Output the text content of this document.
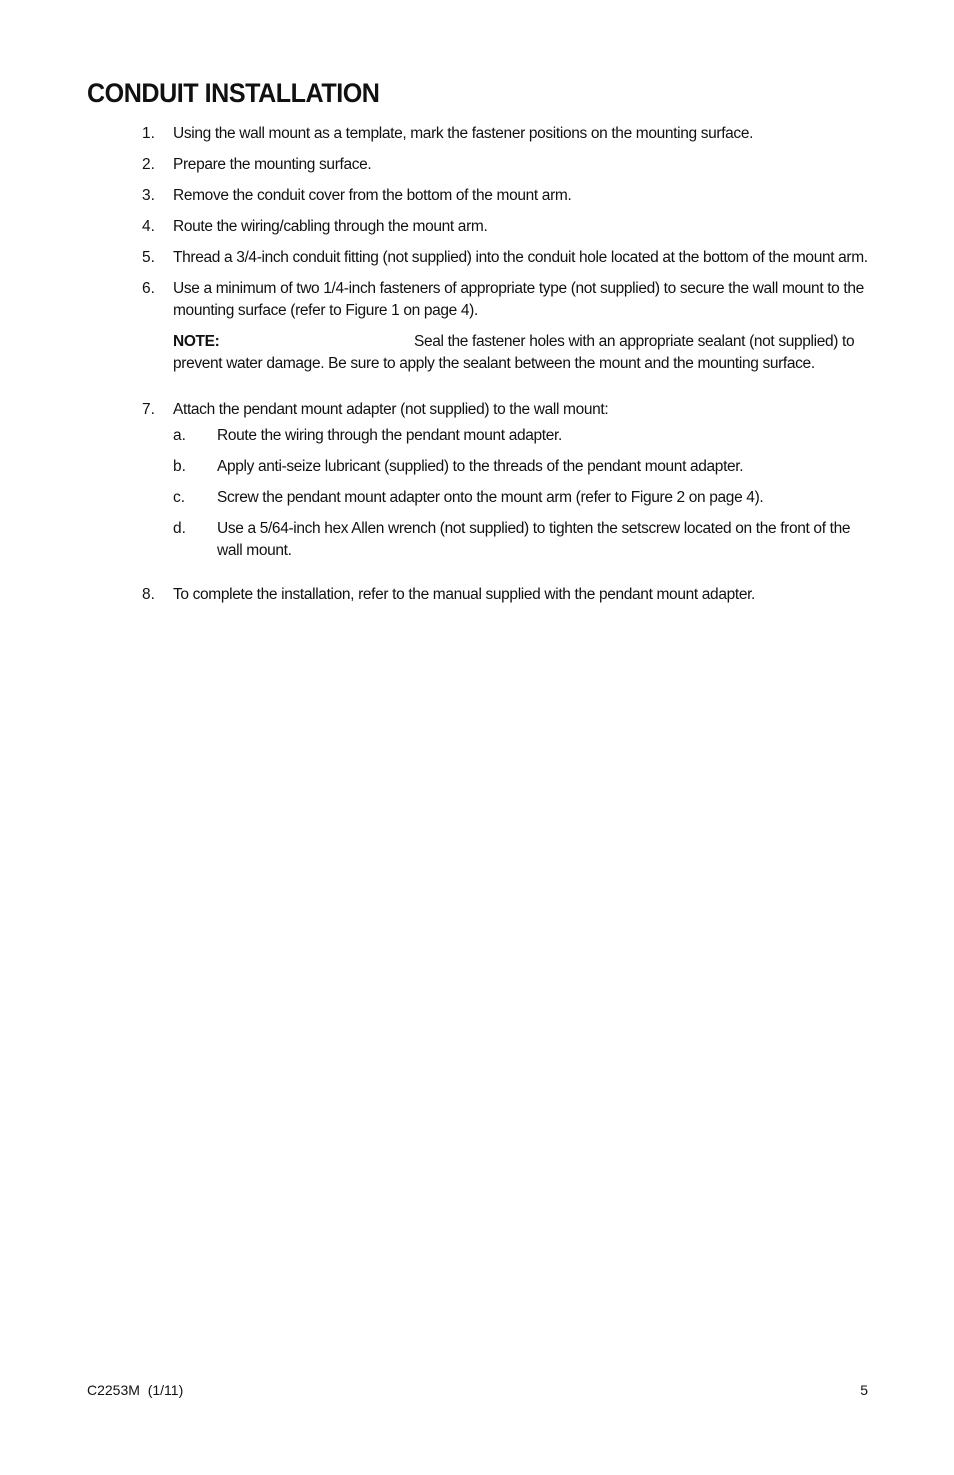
CONDUIT INSTALLATION
1. Using the wall mount as a template, mark the fastener positions on the mounting surface.
2. Prepare the mounting surface.
3. Remove the conduit cover from the bottom of the mount arm.
4. Route the wiring/cabling through the mount arm.
5. Thread a 3/4-inch conduit fitting (not supplied) into the conduit hole located at the bottom of the mount arm.
6. Use a minimum of two 1/4-inch fasteners of appropriate type (not supplied) to secure the wall mount to the mounting surface (refer to Figure 1 on page 4).
NOTE:	Seal the fastener holes with an appropriate sealant (not supplied) to prevent water damage. Be sure to apply the sealant between the mount and the mounting surface.
7. Attach the pendant mount adapter (not supplied) to the wall mount:
a. Route the wiring through the pendant mount adapter.
b. Apply anti-seize lubricant (supplied) to the threads of the pendant mount adapter.
c. Screw the pendant mount adapter onto the mount arm (refer to Figure 2 on page 4).
d. Use a 5/64-inch hex Allen wrench (not supplied) to tighten the setscrew located on the front of the wall mount.
8. To complete the installation, refer to the manual supplied with the pendant mount adapter.
C2253M  (1/11)	5
